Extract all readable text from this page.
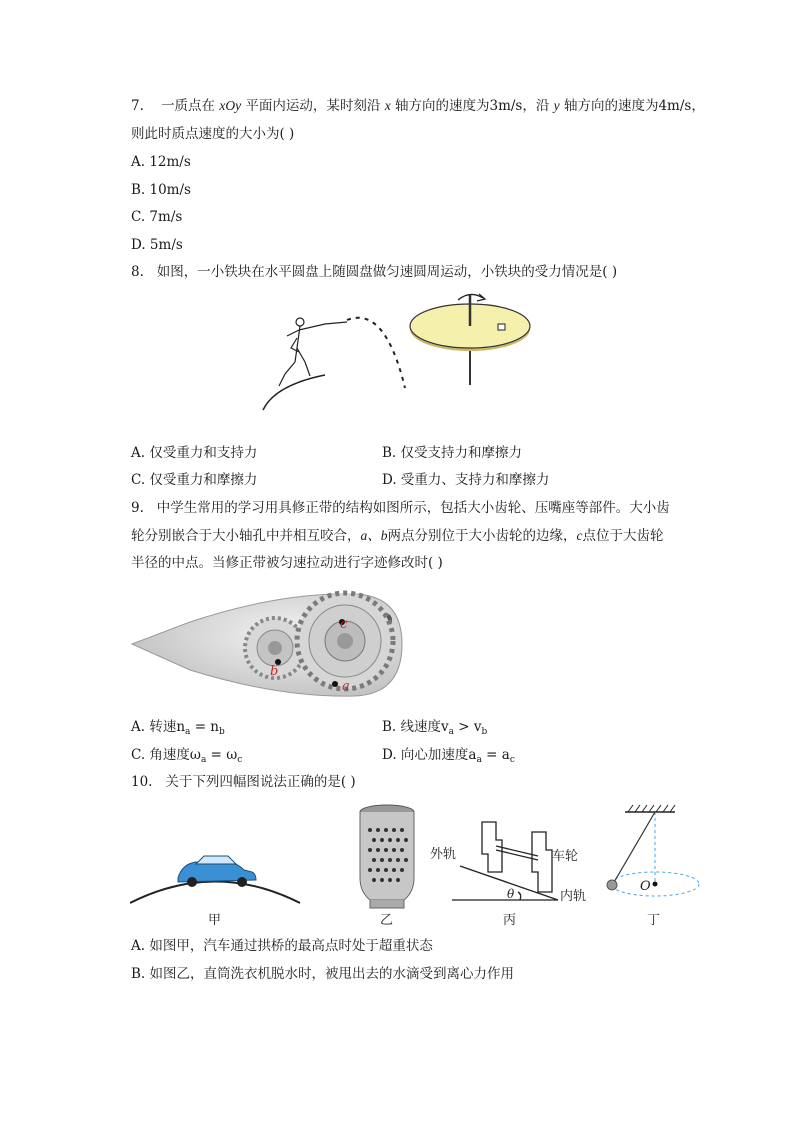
7. 一质点在 xOy 平面内运动，某时刻沿 x 轴方向的速度为3m/s，沿 y 轴方向的速度为4m/s，
则此时质点速度的大小为( )
A. 12m/s
B. 10m/s
C. 7m/s
D. 5m/s
8. 如图，一小铁块在水平圆盘上随圆盘做匀速圆周运动，小铁块的受力情况是( )
A. 仅受重力和支持力	B. 仅受支持力和摩擦力
C. 仅受重力和摩擦力	D. 受重力、支持力和摩擦力
9. 中学生常用的学习用具修正带的结构如图所示，包括大小齿轮、压嘴座等部件。大小齿
轮分别嵌合于大小轴孔中并相互咬合，a、b两点分别位于大小齿轮的边缘，c点位于大齿轮
半径的中点。当修正带被匀速拉动进行字迹修改时( )
b
c
a
A. 转速$n_a = n_b$	B. 线速度$v_a > v_b$
C. 角速度$\omega_a = \omega_c$	D. 向心加速度$a_a = a_c$
10. 关于下列四幅图说法正确的是( )
外轨	车轮
内轨
θ	O
甲	乙	丙	丁
A. 如图甲，汽车通过拱桥的最高点时处于超重状态
B. 如图乙，直筒洗衣机脱水时，被甩出去的水滴受到离心力作用
